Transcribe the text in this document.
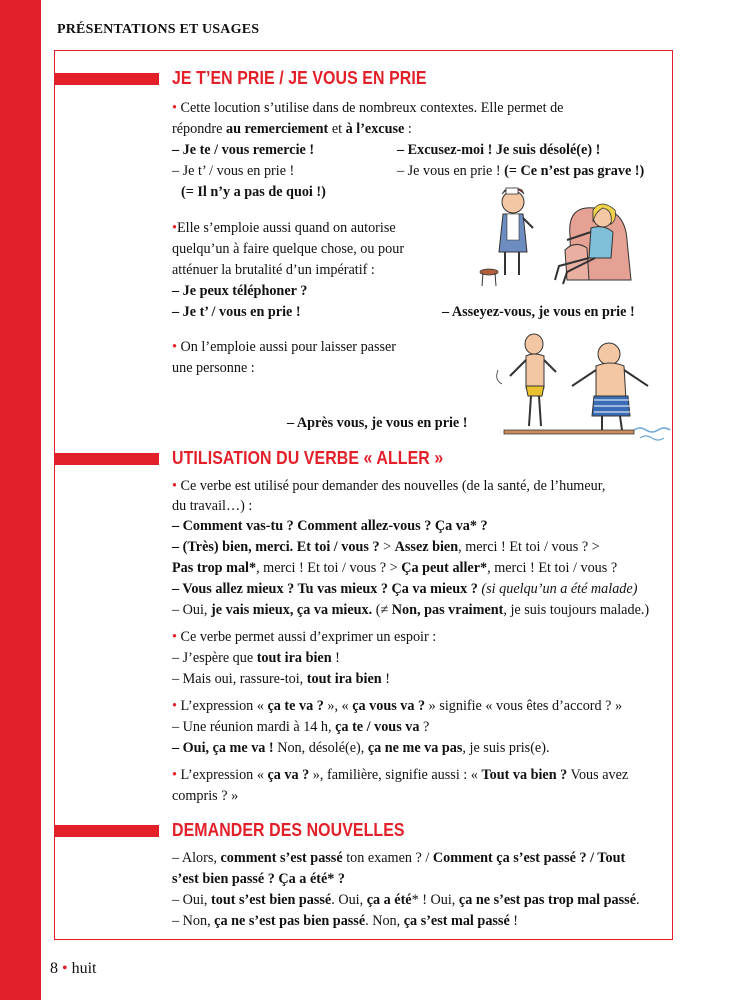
PRÉSENTATIONS ET USAGES
JE T’EN PRIE / JE VOUS EN PRIE
• Cette locution s’utilise dans de nombreux contextes. Elle permet de
répondre au remerciement et à l’excuse :
– Je te / vous remercie !	– Excusez-moi ! Je suis désolé(e) !
– Je t’ / vous en prie !	– Je vous en prie ! (= Ce n’est pas grave !)
(= Il n’y a pas de quoi !)
•Elle s’emploie aussi quand on autorise
quelqu’un à faire quelque chose, ou pour
atténuer la brutalité d’un impératif :
– Je peux téléphoner ?
– Je t’ / vous en prie !	– Asseyez-vous, je vous en prie !
• On l’emploie aussi pour laisser passer
une personne :
– Après vous, je vous en prie !
UTILISATION DU VERBE « ALLER »
• Ce verbe est utilisé pour demander des nouvelles (de la santé, de l’humeur,
du travail…) :
– Comment vas-tu ? Comment allez-vous ? Ça va* ?
– (Très) bien, merci. Et toi / vous ? > Assez bien, merci ! Et toi / vous ? >
Pas trop mal*, merci ! Et toi / vous ? > Ça peut aller*, merci ! Et toi / vous ?
– Vous allez mieux ? Tu vas mieux ? Ça va mieux ? (si quelqu’un a été malade)
– Oui, je vais mieux, ça va mieux. (≠ Non, pas vraiment, je suis toujours malade.)
• Ce verbe permet aussi d’exprimer un espoir :
– J’espère que tout ira bien !
– Mais oui, rassure-toi, tout ira bien !
• L’expression « ça te va ? », « ça vous va ? » signifie « vous êtes d’accord ? »
– Une réunion mardi à 14 h, ça te / vous va ?
– Oui, ça me va ! Non, désolé(e), ça ne me va pas, je suis pris(e).
• L’expression « ça va ? », familière, signifie aussi : « Tout va bien ? Vous avez
compris ? »
DEMANDER DES NOUVELLES
– Alors, comment s’est passé ton examen ? / Comment ça s’est passé ? / Tout
s’est bien passé ? Ça a été* ?
– Oui, tout s’est bien passé. Oui, ça a été* ! Oui, ça ne s’est pas trop mal passé.
– Non, ça ne s’est pas bien passé. Non, ça s’est mal passé !
8 • huit
